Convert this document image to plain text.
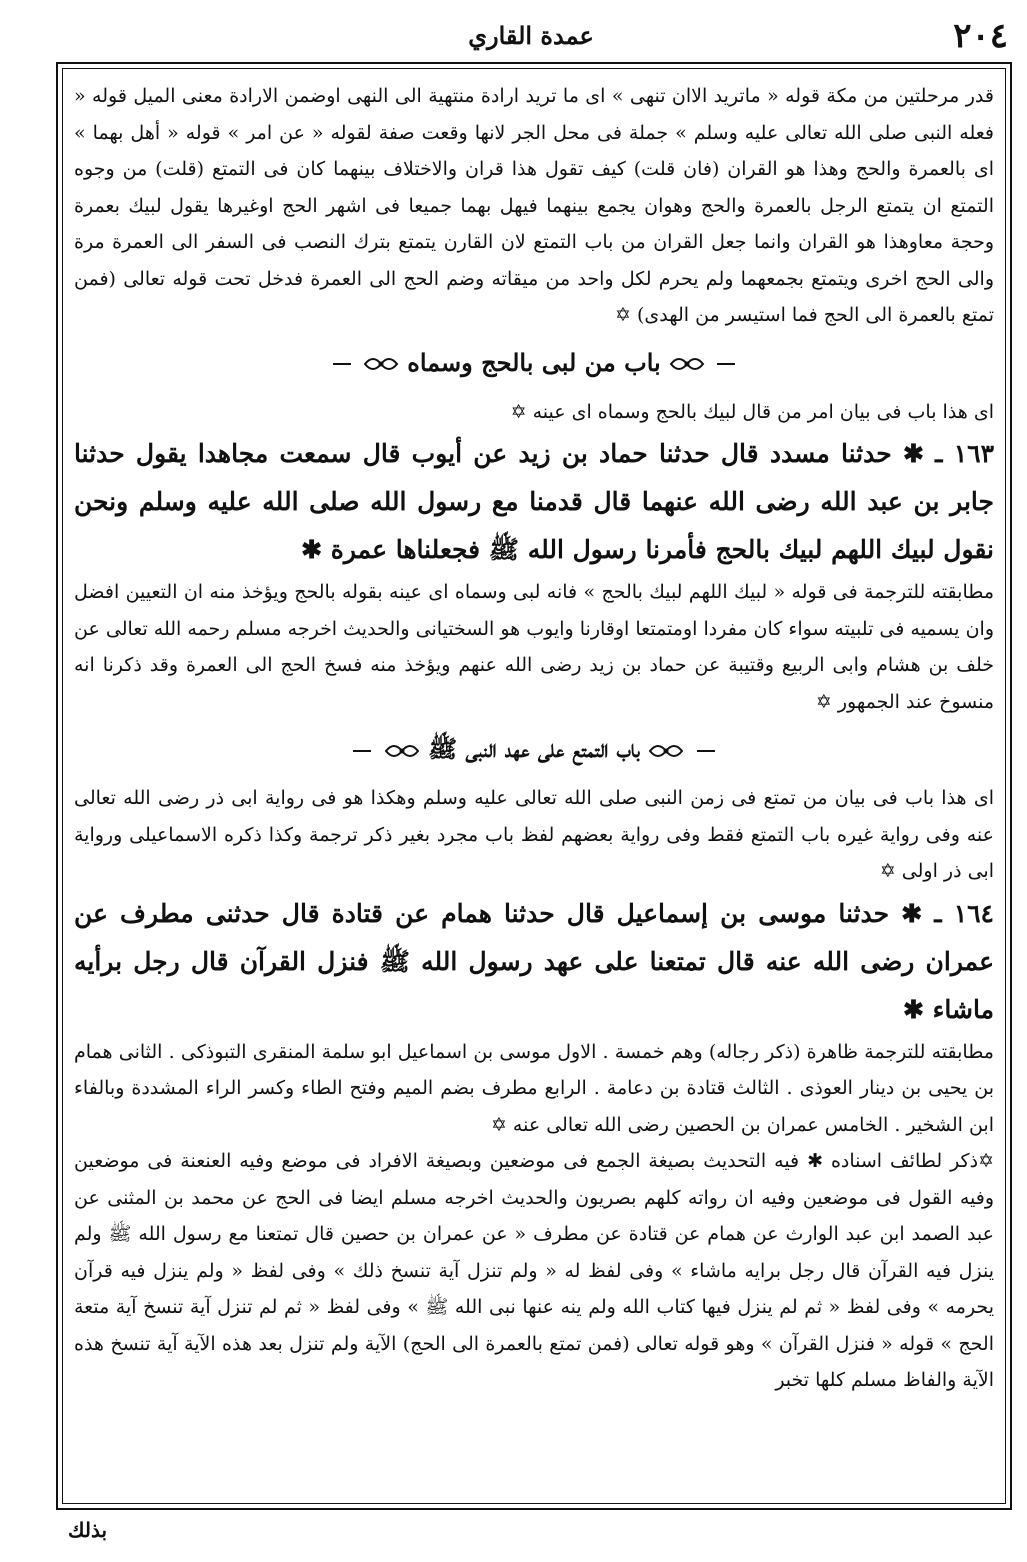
٢٠٤
عمدة القاري

قدر مرحلتين من مكة قوله « ماتريد الاان تنهى » اى ما تريد ارادة منتهية الى النهى اوضمن الارادة معنى الميل قوله « فعله النبى صلى الله تعالى عليه وسلم » جملة فى محل الجر لانها وقعت صفة لقوله « عن امر » قوله « أهل بهما » اى بالعمرة والحج وهذا هو القران (فان قلت) كيف تقول هذا قران والاختلاف بينهما كان فى التمتع (قلت) من وجوه التمتع ان يتمتع الرجل بالعمرة والحج وهوان يجمع بينهما فيهل بهما جميعا فى اشهر الحج اوغيرها يقول لبيك بعمرة وحجة معاوهذا هو القران وانما جعل القران من باب التمتع لان القارن يتمتع بترك النصب فى السفر الى العمرة مرة والى الحج اخرى ويتمتع بجمعهما ولم يحرم لكل واحد من ميقاته وضم الحج الى العمرة فدخل تحت قوله تعالى (فمن تمتع بالعمرة الى الحج فما استيسر من الهدى) ✡

باب من لبى بالحج وسماه

اى هذا باب فى بيان امر من قال لبيك بالحج وسماه اى عينه ✡

١٦٣ ـ ✱ حدثنا مسدد قال حدثنا حماد بن زيد عن أيوب قال سمعت مجاهدا يقول حدثنا جابر بن عبد الله رضى الله عنهما قال قدمنا مع رسول الله صلى الله عليه وسلم ونحن نقول لبيك اللهم لبيك بالحج فأمرنا رسول الله ﷺ فجعلناها عمرة ✱

مطابقته للترجمة فى قوله « لبيك اللهم لبيك بالحج » فانه لبى وسماه اى عينه بقوله بالحج ويؤخذ منه ان التعيين افضل وان يسميه فى تلبيته سواء كان مفردا اومتمتعا اوقارنا وايوب هو السختيانى والحديث اخرجه مسلم رحمه الله تعالى عن خلف بن هشام وابى الربيع وقتيبة عن حماد بن زيد رضى الله عنهم ويؤخذ منه فسخ الحج الى العمرة وقد ذكرنا انه منسوخ عند الجمهور ✡

باب التمتع على عهد النبى ﷺ

اى هذا باب فى بيان من تمتع فى زمن النبى صلى الله تعالى عليه وسلم وهكذا هو فى رواية ابى ذر رضى الله تعالى عنه وفى رواية غيره باب التمتع فقط وفى رواية بعضهم لفظ باب مجرد بغير ذكر ترجمة وكذا ذكره الاسماعيلى ورواية ابى ذر اولى ✡

١٦٤ ـ ✱ حدثنا موسى بن إسماعيل قال حدثنا همام عن قتادة قال حدثنى مطرف عن عمران رضى الله عنه قال تمتعنا على عهد رسول الله ﷺ فنزل القرآن قال رجل برأيه ماشاء ✱

مطابقته للترجمة ظاهرة (ذكر رجاله) وهم خمسة . الاول موسى بن اسماعيل ابو سلمة المنقرى التبوذكى . الثانى همام بن يحيى بن دينار العوذى . الثالث قتادة بن دعامة . الرابع مطرف بضم الميم وفتح الطاء وكسر الراء المشددة وبالفاء ابن الشخير . الخامس عمران بن الحصين رضى الله تعالى عنه ✡

✡ذكر لطائف اسناده ✱ فيه التحديث بصيغة الجمع فى موضعين وبصيغة الافراد فى موضع وفيه العنعنة فى موضعين وفيه القول فى موضعين وفيه ان رواته كلهم بصريون والحديث اخرجه مسلم ايضا فى الحج عن محمد بن المثنى عن عبد الصمد ابن عبد الوارث عن همام عن قتادة عن مطرف « عن عمران بن حصين قال تمتعنا مع رسول الله ﷺ ولم ينزل فيه القرآن قال رجل برايه ماشاء » وفى لفظ له « ولم تنزل آية تنسخ ذلك » وفى لفظ « ولم ينزل فيه قرآن يحرمه » وفى لفظ « ثم لم ينزل فيها كتاب الله ولم ينه عنها نبى الله ﷺ » وفى لفظ « ثم لم تنزل آية تنسخ آية متعة الحج » قوله « فنزل القرآن » وهو قوله تعالى (فمن تمتع بالعمرة الى الحج) الآية ولم تنزل بعد هذه الآية آية تنسخ هذه الآية والفاظ مسلم كلها تخبر

بذلك
